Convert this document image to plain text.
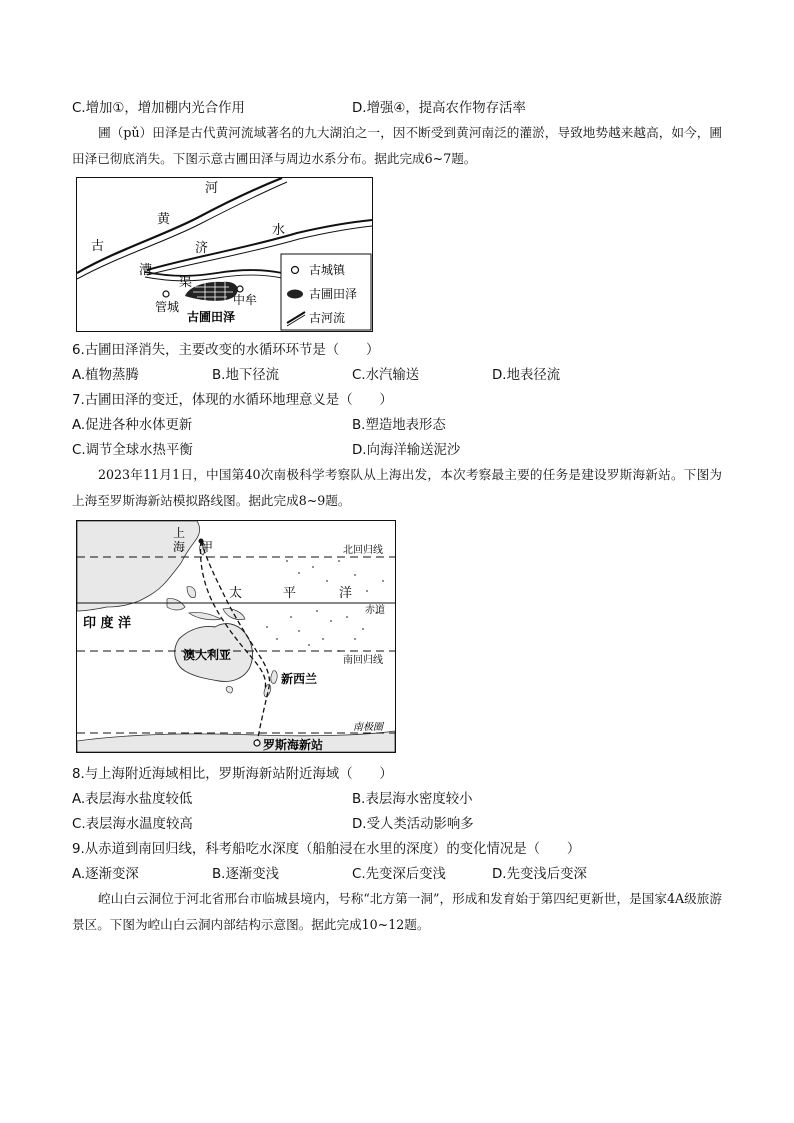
C.增加①，增加棚内光合作用	D.增强④，提高农作物存活率
圃（pǔ）田泽是古代黄河流域著名的九大湖泊之一，因不断受到黄河南泛的灌淤，导致地势越来越高，如今，圃田泽已彻底消失。下图示意古圃田泽与周边水系分布。据此完成6~7题。
河
黄
古	济
水
漕
渠
管城	中牟
古圃田泽
古城镇
古圃田泽
古河流
6.古圃田泽消失，主要改变的水循环环节是（　　）
A.植物蒸腾	B.地下径流	C.水汽输送	D.地表径流
7.古圃田泽的变迁，体现的水循环地理意义是（　　）
A.促进各种水体更新	B.塑造地表形态
C.调节全球水热平衡	D.向海洋输送泥沙
2023年11月1日，中国第40次南极科学考察队从上海出发，本次考察最主要的任务是建设罗斯海新站。下图为上海至罗斯海新站模拟路线图。据此完成8~9题。
上
海 甲
太	平	洋
印 度 洋
澳大利亚
新西兰
罗斯海新站
北回归线
赤道
南回归线
南极圈
8.与上海附近海域相比，罗斯海新站附近海域（　　）
A.表层海水盐度较低	B.表层海水密度较小
C.表层海水温度较高	D.受人类活动影响多
9.从赤道到南回归线，科考船吃水深度（船舶浸在水里的深度）的变化情况是（　　）
A.逐渐变深	B.逐渐变浅	C.先变深后变浅	D.先变浅后变深
崆山白云洞位于河北省邢台市临城县境内，号称“北方第一洞”，形成和发育始于第四纪更新世，是国家4A级旅游景区。下图为崆山白云洞内部结构示意图。据此完成10~12题。
